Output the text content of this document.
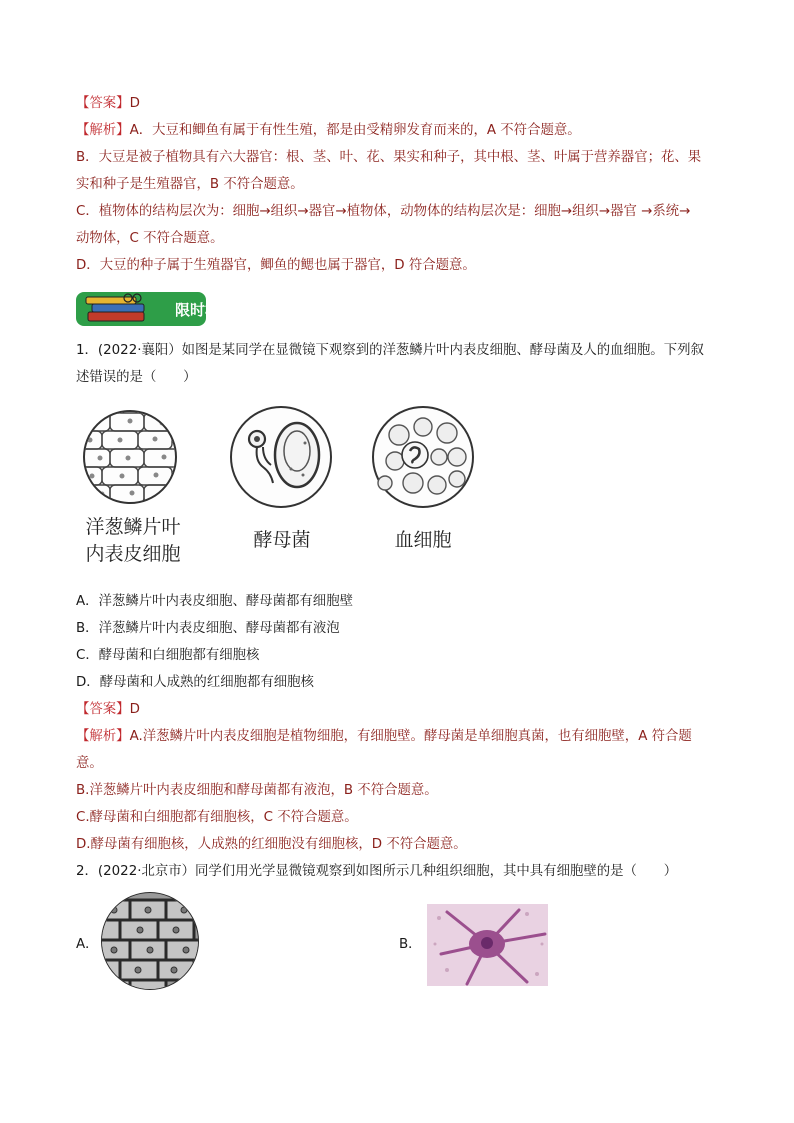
【答案】D
【解析】A．大豆和鲫鱼有属于有性生殖，都是由受精卵发育而来的，A 不符合题意。
B．大豆是被子植物具有六大器官：根、茎、叶、花、果实和种子，其中根、茎、叶属于营养器官；花、果
实和种子是生殖器官，B 不符合题意。
C．植物体的结构层次为：细胞→组织→器官→植物体，动物体的结构层次是：细胞→组织→器官 →系统→
动物体，C 不符合题意。
D．大豆的种子属于生殖器官，鲫鱼的鳃也属于器官，D 符合题意。
限时检
1．(2022·襄阳）如图是某同学在显微镜下观察到的洋葱鳞片叶内表皮细胞、酵母菌及人的血细胞。下列叙
述错误的是（　　）
洋葱鳞片叶
内表皮细胞
酵母菌	血细胞
A．洋葱鳞片叶内表皮细胞、酵母菌都有细胞壁
B．洋葱鳞片叶内表皮细胞、酵母菌都有液泡
C．酵母菌和白细胞都有细胞核
D．酵母菌和人成熟的红细胞都有细胞核
【答案】D
【解析】A.洋葱鳞片叶内表皮细胞是植物细胞，有细胞壁。酵母菌是单细胞真菌，也有细胞壁，A 符合题
意。
B.洋葱鳞片叶内表皮细胞和酵母菌都有液泡，B 不符合题意。
C.酵母菌和白细胞都有细胞核，C 不符合题意。
D.酵母菌有细胞核，人成熟的红细胞没有细胞核，D 不符合题意。
2．(2022·北京市）同学们用光学显微镜观察到如图所示几种组织细胞，其中具有细胞壁的是（　　）
A．	B．
